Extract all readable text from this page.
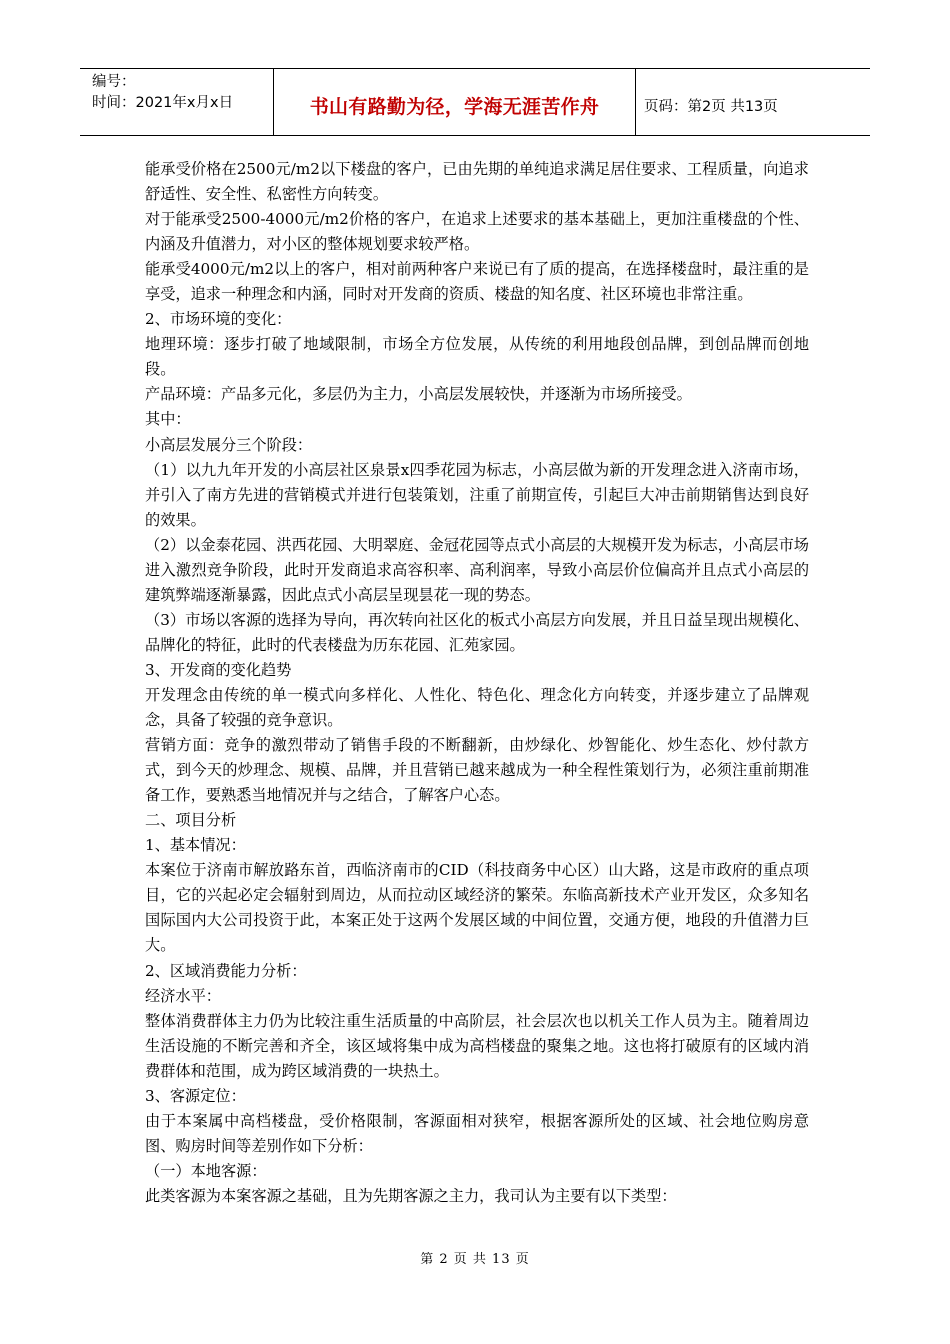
编号：
时间：2021年x月x日	书山有路勤为径，学海无涯苦作舟	页码：第2页 共13页

能承受价格在2500元/m2以下楼盘的客户，已由先期的单纯追求满足居住要求、工程质量，向追求舒适性、安全性、私密性方向转变。

对于能承受2500-4000元/m2价格的客户，在追求上述要求的基本基础上，更加注重楼盘的个性、内涵及升值潜力，对小区的整体规划要求较严格。

能承受4000元/m2以上的客户，相对前两种客户来说已有了质的提高，在选择楼盘时，最注重的是享受，追求一种理念和内涵，同时对开发商的资质、楼盘的知名度、社区环境也非常注重。

2、市场环境的变化：

地理环境：逐步打破了地域限制，市场全方位发展，从传统的利用地段创品牌，到创品牌而创地段。

产品环境：产品多元化，多层仍为主力，小高层发展较快，并逐渐为市场所接受。

其中：

小高层发展分三个阶段：

（1）以九九年开发的小高层社区泉景x四季花园为标志，小高层做为新的开发理念进入济南市场，并引入了南方先进的营销模式并进行包装策划，注重了前期宣传，引起巨大冲击前期销售达到良好的效果。

（2）以金泰花园、洪西花园、大明翠庭、金冠花园等点式小高层的大规模开发为标志，小高层市场进入激烈竞争阶段，此时开发商追求高容积率、高利润率，导致小高层价位偏高并且点式小高层的建筑弊端逐渐暴露，因此点式小高层呈现昙花一现的势态。

（3）市场以客源的选择为导向，再次转向社区化的板式小高层方向发展，并且日益呈现出规模化、品牌化的特征，此时的代表楼盘为历东花园、汇苑家园。

3、开发商的变化趋势

开发理念由传统的单一模式向多样化、人性化、特色化、理念化方向转变，并逐步建立了品牌观念，具备了较强的竞争意识。

营销方面：竞争的激烈带动了销售手段的不断翻新，由炒绿化、炒智能化、炒生态化、炒付款方式，到今天的炒理念、规模、品牌，并且营销已越来越成为一种全程性策划行为，必须注重前期准备工作，要熟悉当地情况并与之结合，了解客户心态。

二、项目分析

1、基本情况：

本案位于济南市解放路东首，西临济南市的CID（科技商务中心区）山大路，这是市政府的重点项目，它的兴起必定会辐射到周边，从而拉动区域经济的繁荣。东临高新技术产业开发区，众多知名国际国内大公司投资于此，本案正处于这两个发展区域的中间位置，交通方便，地段的升值潜力巨大。

2、区域消费能力分析：

经济水平：

整体消费群体主力仍为比较注重生活质量的中高阶层，社会层次也以机关工作人员为主。随着周边生活设施的不断完善和齐全，该区域将集中成为高档楼盘的聚集之地。这也将打破原有的区域内消费群体和范围，成为跨区域消费的一块热土。

3、客源定位：

由于本案属中高档楼盘，受价格限制，客源面相对狭窄，根据客源所处的区域、社会地位购房意图、购房时间等差别作如下分析：

（一）本地客源：

此类客源为本案客源之基础，且为先期客源之主力，我司认为主要有以下类型：

第 2 页 共 13 页
